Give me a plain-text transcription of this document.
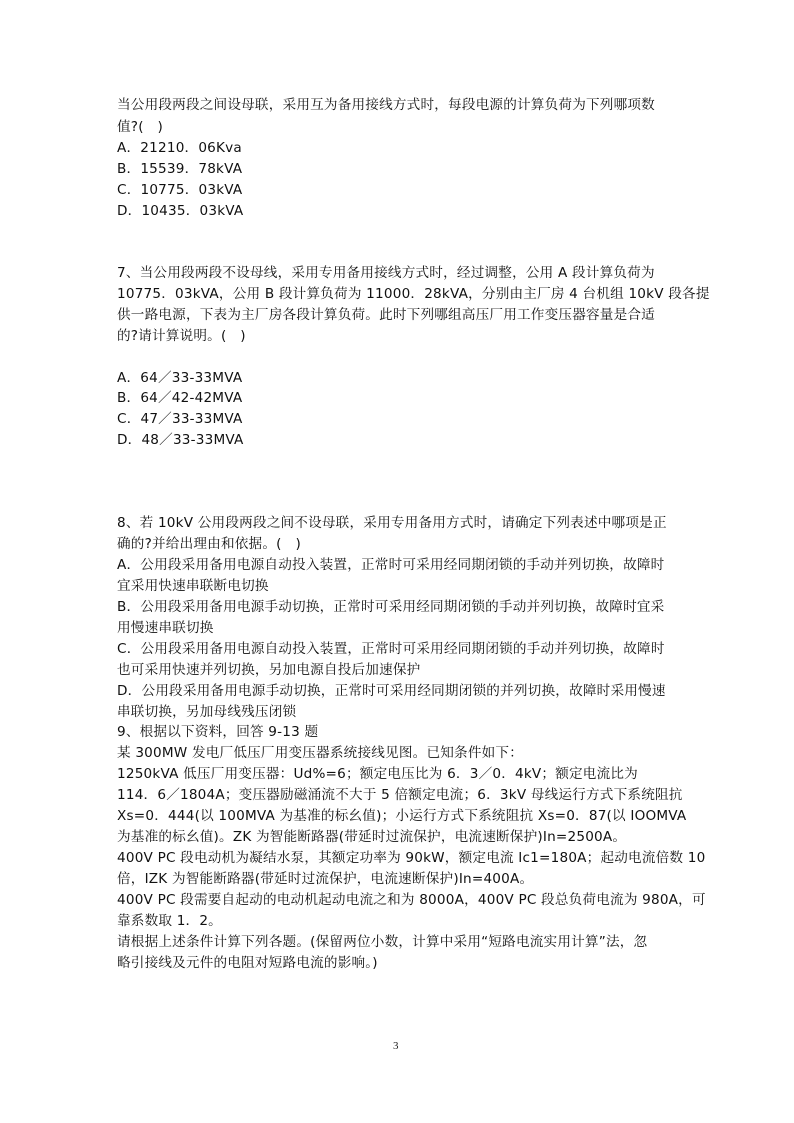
当公用段两段之间设母联，采用互为备用接线方式时，每段电源的计算负荷为下列哪项数
值?(　)
A．21210．06Kva
B．15539．78kVA
C．10775．03kVA
D．10435．03kVA
7、当公用段两段不设母线，采用专用备用接线方式时，经过调整，公用 A 段计算负荷为
10775．03kVA，公用 B 段计算负荷为 11000．28kVA，分别由主厂房 4 台机组 10kV 段各提
供一路电源，下表为主厂房各段计算负荷。此时下列哪组高压厂用工作变压器容量是合适
的?请计算说明。(　)
A．64／33-33MVA
B．64／42-42MVA
C．47／33-33MVA
D．48／33-33MVA
8、若 10kV 公用段两段之间不设母联，采用专用备用方式时，请确定下列表述中哪项是正
确的?并给出理由和依据。(　)
A．公用段采用备用电源自动投入装置，正常时可采用经同期闭锁的手动并列切换，故障时
宜采用快速串联断电切换
B．公用段采用备用电源手动切换，正常时可采用经同期闭锁的手动并列切换，故障时宜采
用慢速串联切换
C．公用段采用备用电源自动投入装置，正常时可采用经同期闭锁的手动并列切换，故障时
也可采用快速并列切换，另加电源自投后加速保护
D．公用段采用备用电源手动切换，正常时可采用经同期闭锁的并列切换，故障时采用慢速
串联切换，另加母线残压闭锁
9、根据以下资料，回答 9-13 题
某 300MW 发电厂低压厂用变压器系统接线见图。已知条件如下：
1250kVA 低压厂用变压器：Ud%=6；额定电压比为 6．3／0．4kV；额定电流比为
114．6／1804A；变压器励磁涌流不大于 5 倍额定电流；6．3kV 母线运行方式下系统阻抗
Xs=0．444(以 100MVA 为基准的标幺值)；小运行方式下系统阻抗 Xs=0．87(以 IOOMVA
为基准的标幺值)。ZK 为智能断路器(带延时过流保护，电流速断保护)In=2500A。
400V PC 段电动机为凝结水泵，其额定功率为 90kW，额定电流 Ic1=180A；起动电流倍数 10
倍，IZK 为智能断路器(带延时过流保护，电流速断保护)In=400A。
400V PC 段需要自起动的电动机起动电流之和为 8000A，400V PC 段总负荷电流为 980A，可
靠系数取 1．2。
请根据上述条件计算下列各题。(保留两位小数，计算中采用“短路电流实用计算”法，忽
略引接线及元件的电阻对短路电流的影响。)
3
